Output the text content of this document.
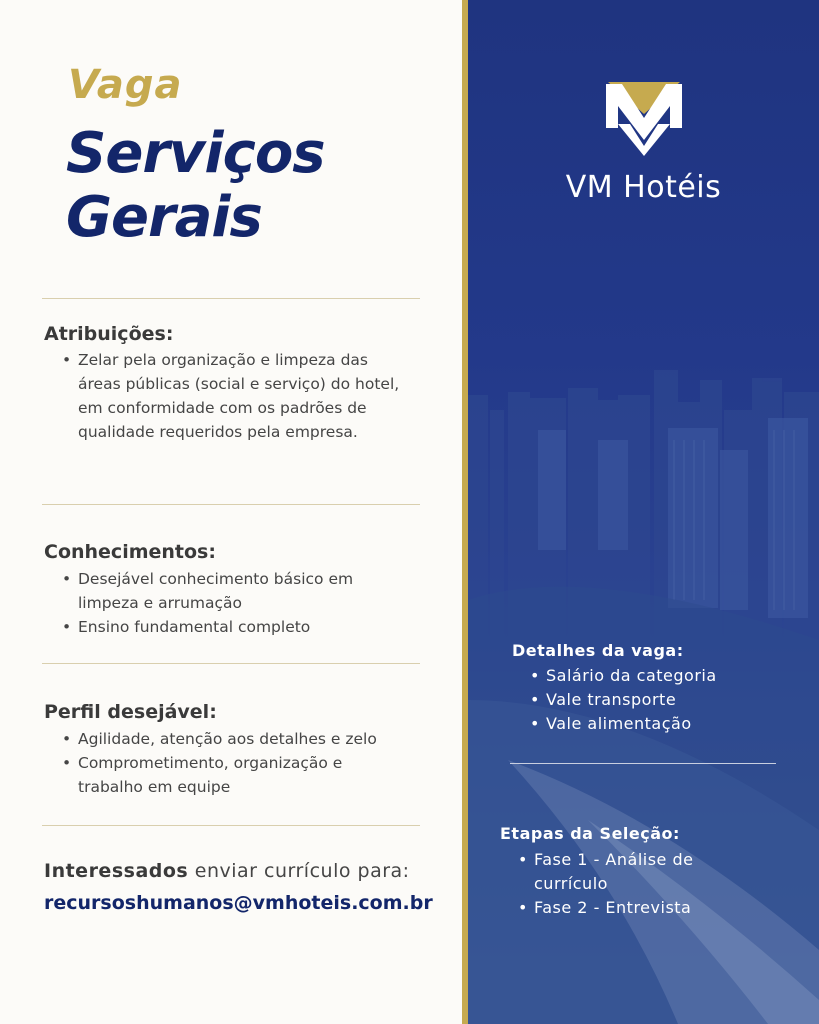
Vaga
Serviços
Gerais
Atribuições:
• Zelar pela organização e limpeza das áreas públicas (social e serviço) do hotel, em conformidade com os padrões de qualidade requeridos pela empresa.
Conhecimentos:
• Desejável conhecimento básico em limpeza e arrumação
• Ensino fundamental completo
Perfil desejável:
• Agilidade, atenção aos detalhes e zelo
• Comprometimento, organização e trabalho em equipe
Interessados enviar currículo para:
recursoshumanos@vmhoteis.com.br
VM Hotéis
Detalhes da vaga:
• Salário da categoria
• Vale transporte
• Vale alimentação
Etapas da Seleção:
• Fase 1 - Análise de currículo
• Fase 2 - Entrevista
